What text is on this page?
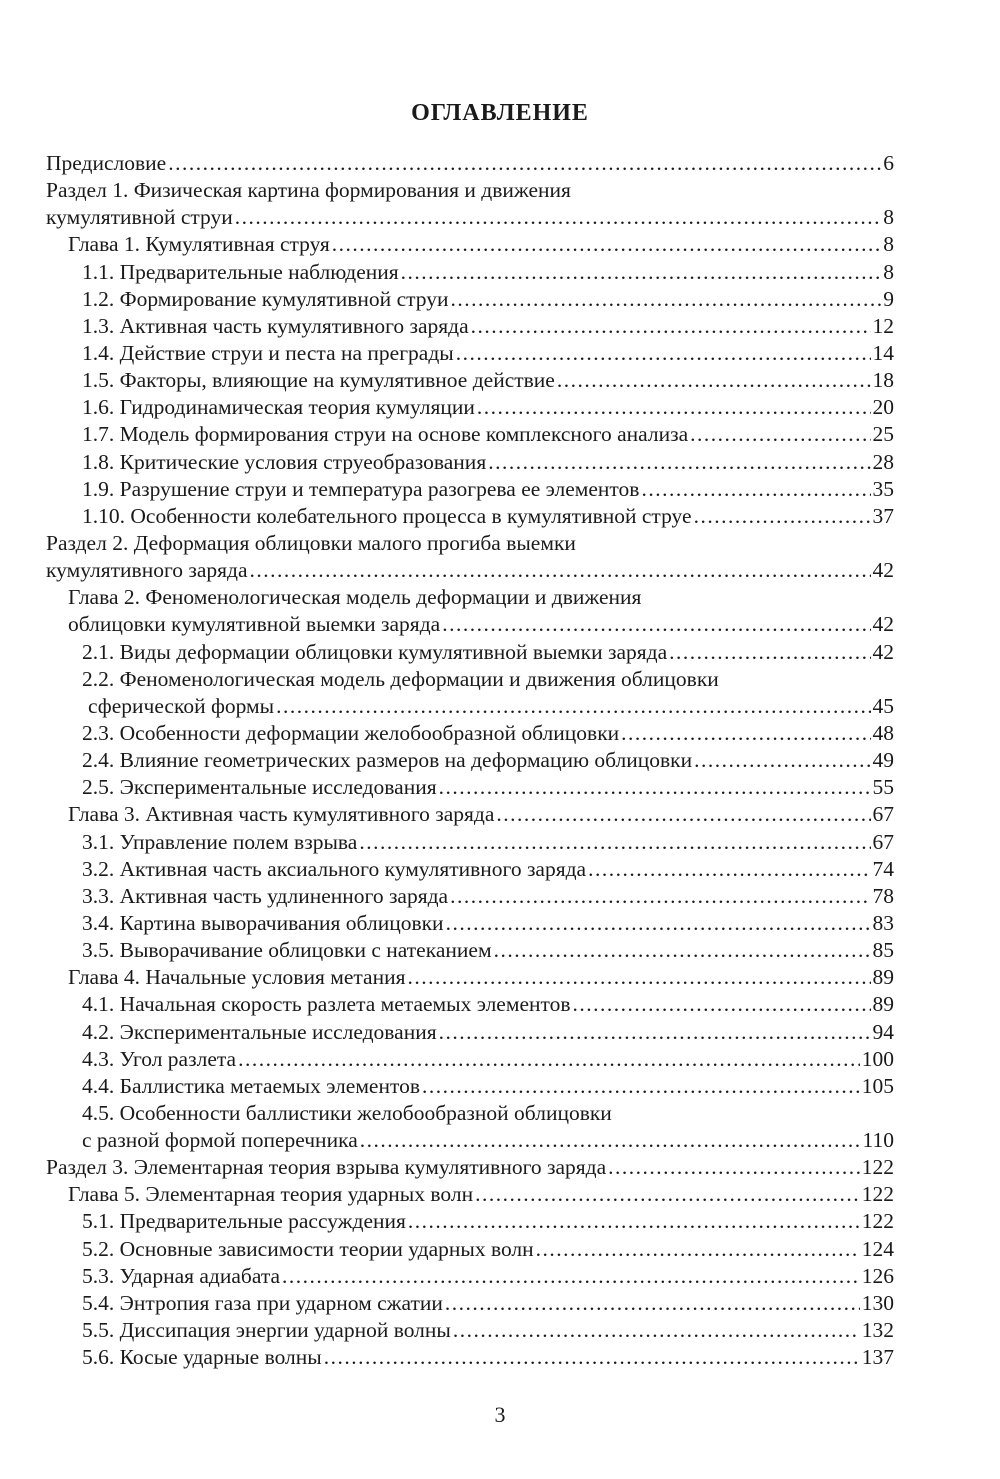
ОГЛАВЛЕНИЕ
Предисловие .....	6
Раздел 1. Физическая картина формирования и движения
кумулятивной струи .....	8
Глава 1. Кумулятивная струя .....	8
1.1. Предварительные наблюдения .....	8
1.2. Формирование кумулятивной струи .....	9
1.3. Активная часть кумулятивного заряда .....	12
1.4. Действие струи и песта на преграды .....	14
1.5. Факторы, влияющие на кумулятивное действие .....	18
1.6. Гидродинамическая теория кумуляции .....	20
1.7. Модель формирования струи на основе комплексного анализа .....	25
1.8. Критические условия струеобразования .....	28
1.9. Разрушение струи и температура разогрева ее элементов .....	35
1.10. Особенности колебательного процесса в кумулятивной струе .....	37
Раздел 2. Деформация облицовки малого прогиба выемки
кумулятивного заряда .....	42
Глава 2. Феноменологическая модель деформации и движения
облицовки кумулятивной выемки заряда .....	42
2.1. Виды деформации облицовки кумулятивной выемки заряда .....	42
2.2. Феноменологическая модель деформации и движения облицовки
сферической формы .....	45
2.3. Особенности деформации желобообразной облицовки .....	48
2.4. Влияние геометрических размеров на деформацию облицовки .....	49
2.5. Экспериментальные исследования .....	55
Глава 3. Активная часть кумулятивного заряда .....	67
3.1. Управление полем взрыва .....	67
3.2. Активная часть аксиального кумулятивного заряда .....	74
3.3. Активная часть удлиненного заряда .....	78
3.4. Картина выворачивания облицовки .....	83
3.5. Выворачивание облицовки с натеканием .....	85
Глава 4. Начальные условия метания .....	89
4.1. Начальная скорость разлета метаемых элементов .....	89
4.2. Экспериментальные исследования .....	94
4.3. Угол разлета .....	100
4.4. Баллистика метаемых элементов .....	105
4.5. Особенности баллистики желобообразной облицовки
с разной формой поперечника .....	110
Раздел 3. Элементарная теория взрыва кумулятивного заряда .....	122
Глава 5. Элементарная теория ударных волн .....	122
5.1. Предварительные рассуждения .....	122
5.2. Основные зависимости теории ударных волн .....	124
5.3. Ударная адиабата .....	126
5.4. Энтропия газа при ударном сжатии .....	130
5.5. Диссипация энергии ударной волны .....	132
5.6. Косые ударные волны .....	137
3
